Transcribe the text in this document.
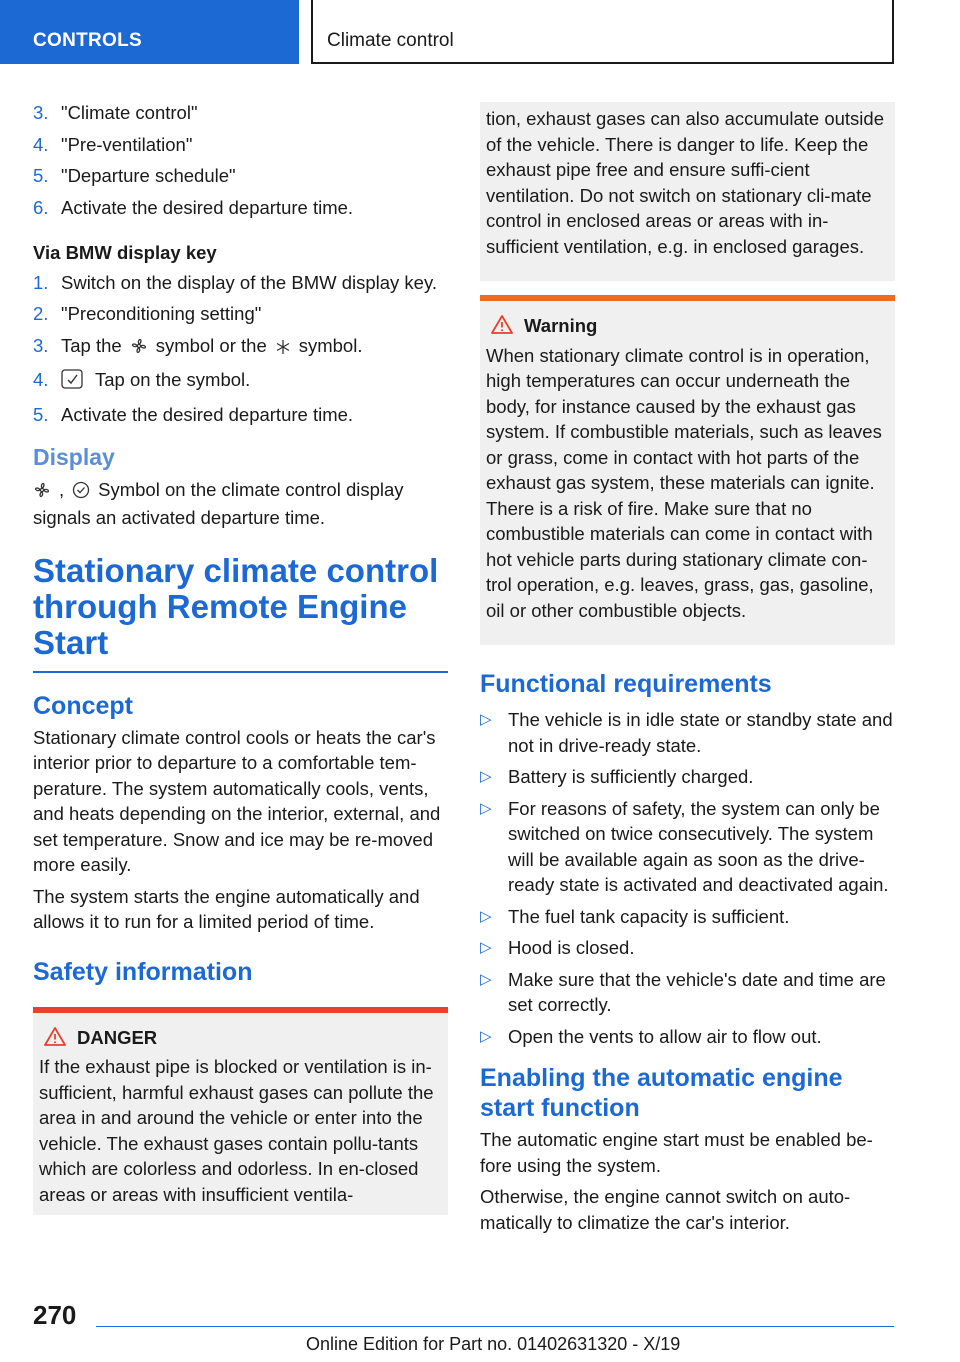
CONTROLS	Climate control
3. "Climate control"
4. "Pre-ventilation"
5. "Departure schedule"
6. Activate the desired departure time.
Via BMW display key
1. Switch on the display of the BMW display key.
2. "Preconditioning setting"
3. Tap the symbol or the symbol.
4.	Tap on the symbol.
5. Activate the desired departure time.
Display

, Symbol on the climate control display signals an activated departure time.

Stationary climate control through Remote Engine Start
Concept

Stationary climate control cools or heats the car's interior prior to departure to a comfortable tem-perature. The system automatically cools, vents, and heats depending on the interior, external, and set temperature. Snow and ice may be re-moved more easily.

The system starts the engine automatically and allows it to run for a limited period of time.

Safety information
DANGER
If the exhaust pipe is blocked or ventilation is in-sufficient, harmful exhaust gases can pollute the area in and around the vehicle or enter into the vehicle. The exhaust gases contain pollu-tants which are colorless and odorless. In en-closed areas or areas with insufficient ventila-
tion, exhaust gases can also accumulate outside of the vehicle. There is danger to life. Keep the exhaust pipe free and ensure suffi-cient ventilation. Do not switch on stationary cli-mate control in enclosed areas or areas with in-sufficient ventilation, e.g. in enclosed garages.
Warning
When stationary climate control is in operation, high temperatures can occur underneath the body, for instance caused by the exhaust gas system. If combustible materials, such as leaves or grass, come in contact with hot parts of the exhaust gas system, these materials can ignite. There is a risk of fire. Make sure that no combustible materials can come in contact with hot vehicle parts during stationary climate con-trol operation, e.g. leaves, grass, gas, gasoline, oil or other combustible objects.
Functional requirements
▷ The vehicle is in idle state or standby state and not in drive-ready state.
▷ Battery is sufficiently charged.
▷ For reasons of safety, the system can only be switched on twice consecutively. The system will be available again as soon as the drive-ready state is activated and deactivated again.
▷ The fuel tank capacity is sufficient.
▷ Hood is closed.
▷ Make sure that the vehicle's date and time are set correctly.
▷ Open the vents to allow air to flow out.
Enabling the automatic engine start function

The automatic engine start must be enabled be-fore using the system.

Otherwise, the engine cannot switch on auto-matically to climatize the car's interior.

270
Online Edition for Part no. 01402631320 - X/19
